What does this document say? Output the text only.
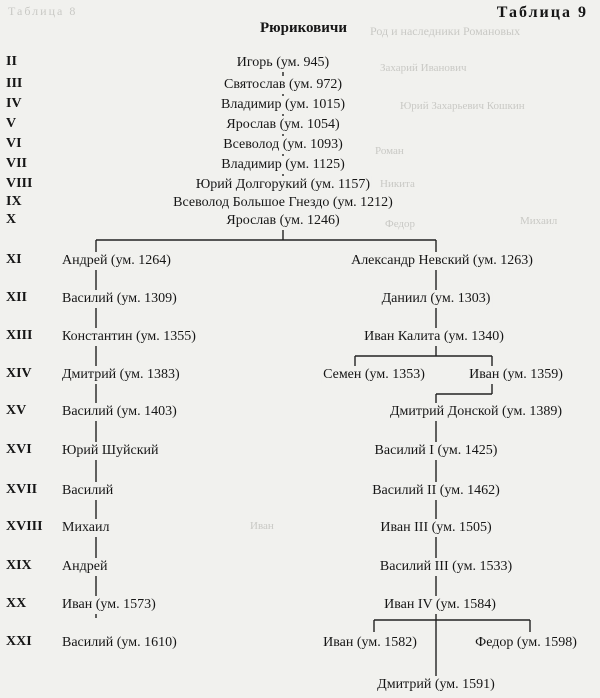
Таблица 8
Род и наследники Романовых
Захарий Иванович
Юрий Захарьевич Кошкин
Роман
Никита
Михаил
Федор
Иван
Таблица 9
Рюриковичи
II
III
IV
V
VI
VII
VIII
IX
X
XI
XII
XIII
XIV
XV
XVI
XVII
XVIII
XIX
XX
XXI
Игорь (ум. 945)
Святослав (ум. 972)
Владимир (ум. 1015)
Ярослав (ум. 1054)
Всеволод (ум. 1093)
Владимир (ум. 1125)
Юрий Долгорукий (ум. 1157)
Всеволод Большое Гнездо (ум. 1212)
Ярослав (ум. 1246)
Андрей (ум. 1264)
Василий (ум. 1309)
Константин (ум. 1355)
Дмитрий (ум. 1383)
Василий (ум. 1403)
Юрий Шуйский
Василий
Михаил
Андрей
Иван (ум. 1573)
Василий (ум. 1610)
Александр Невский (ум. 1263)
Даниил (ум. 1303)
Иван Калита (ум. 1340)
Семен (ум. 1353)	Иван (ум. 1359)
Дмитрий Донской (ум. 1389)
Василий I (ум. 1425)
Василий II (ум. 1462)
Иван III (ум. 1505)
Василий III (ум. 1533)
Иван IV (ум. 1584)
Иван (ум. 1582)	Федор (ум. 1598)
Дмитрий (ум. 1591)
